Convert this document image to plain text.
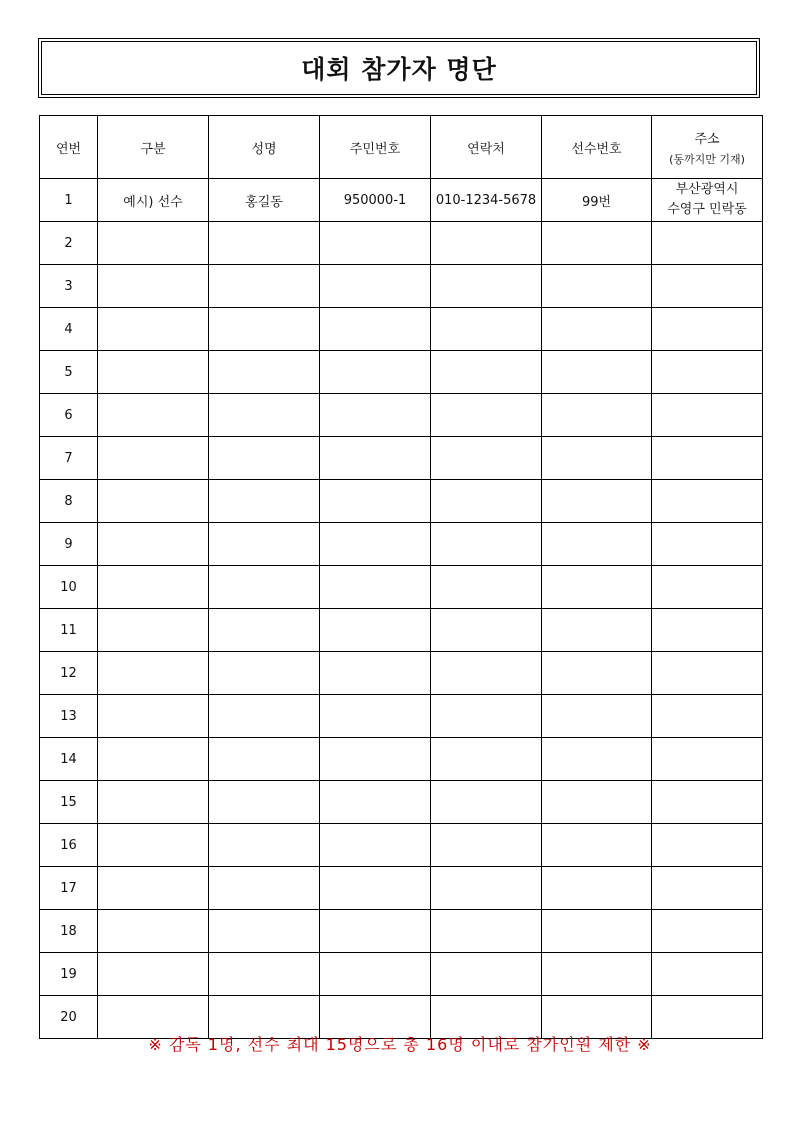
대회 참가자 명단
연번	구분	성명	주민번호	연락처	선수번호	주소
(동까지만 기재)

1	예시) 선수	홍길동	950000-1	010-1234-5678	99번	부산광역시
수영구 민락동

2						
3						
4						
5						
6						
7						
8						
9						
10						
11						
12						
13						
14						
15						
16						
17						
18						
19						
20						
※ 감독 1명, 선수 최대 15명으로 총 16명 이내로 참가인원 제한 ※
